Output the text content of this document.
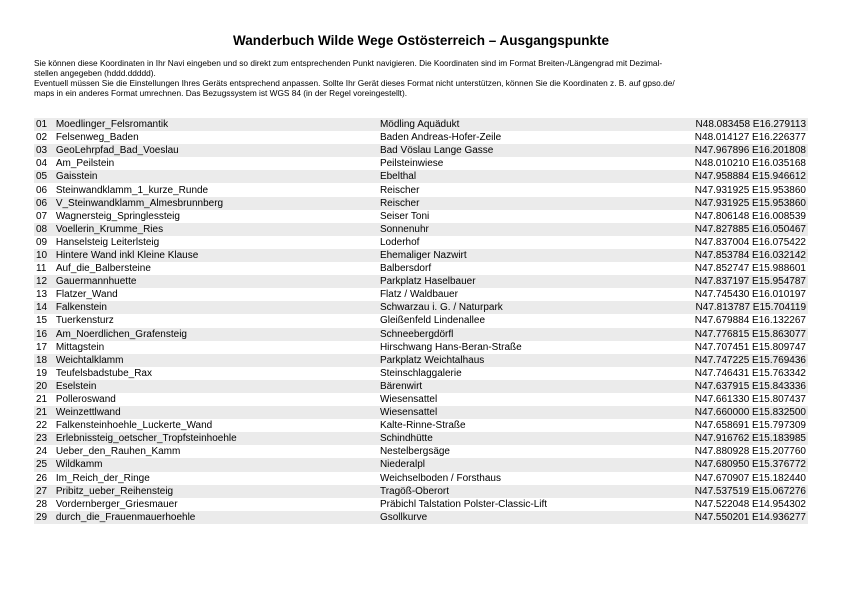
Wanderbuch Wilde Wege Ostösterreich – Ausgangspunkte

Sie können diese Koordinaten in Ihr Navi eingeben und so direkt zum entsprechenden Punkt navigieren. Die Koordinaten sind im Format Breiten-/Längengrad mit Dezimal-

stellen angegeben (hddd.ddddd).

Eventuell müssen Sie die Einstellungen Ihres Geräts entsprechend anpassen. Sollte Ihr Gerät dieses Format nicht unterstützen, können Sie die Koordinaten z. B. auf gpso.de/

maps in ein anderes Format umrechnen. Das Bezugssystem ist WGS 84 (in der Regel voreingestellt).

01	Moedlinger_Felsromantik	Mödling Aquädukt	N48.083458 E16.279113
02	Felsenweg_Baden	Baden Andreas-Hofer-Zeile	N48.014127 E16.226377
03	GeoLehrpfad_Bad_Voeslau	Bad Vöslau Lange Gasse	N47.967896 E16.201808
04	Am_Peilstein	Peilsteinwiese	N48.010210 E16.035168
05	Gaisstein	Ebelthal	N47.958884 E15.946612
06	Steinwandklamm_1_kurze_Runde	Reischer	N47.931925 E15.953860
06	V_Steinwandklamm_Almesbrunnberg	Reischer	N47.931925 E15.953860
07	Wagnersteig_Springlessteig	Seiser Toni	N47.806148 E16.008539
08	Voellerin_Krumme_Ries	Sonnenuhr	N47.827885 E16.050467
09	Hanselsteig Leiterlsteig	Loderhof	N47.837004 E16.075422
10	Hintere Wand inkl Kleine Klause	Ehemaliger Nazwirt	N47.853784 E16.032142
11	Auf_die_Balbersteine	Balbersdorf	N47.852747 E15.988601
12	Gauermannhuette	Parkplatz Haselbauer	N47.837197 E15.954787
13	Flatzer_Wand	Flatz / Waldbauer	N47.745430 E16.010197
14	Falkenstein	Schwarzau i. G. / Naturpark	N47.813787 E15.704119
15	Tuerkensturz	Gleißenfeld Lindenallee	N47.679884 E16.132267
16	Am_Noerdlichen_Grafensteig	Schneebergdörfl	N47.776815 E15.863077
17	Mittagstein	Hirschwang Hans-Beran-Straße	N47.707451 E15.809747
18	Weichtalklamm	Parkplatz Weichtalhaus	N47.747225 E15.769436
19	Teufelsbadstube_Rax	Steinschlaggalerie	N47.746431 E15.763342
20	Eselstein	Bärenwirt	N47.637915 E15.843336
21	Polleroswand	Wiesensattel	N47.661330 E15.807437
21	Weinzettlwand	Wiesensattel	N47.660000 E15.832500
22	Falkensteinhoehle_Luckerte_Wand	Kalte-Rinne-Straße	N47.658691 E15.797309
23	Erlebnissteig_oetscher_Tropfsteinhoehle	Schindhütte	N47.916762 E15.183985
24	Ueber_den_Rauhen_Kamm	Nestelbergsäge	N47.880928 E15.207760
25	Wildkamm	Niederalpl	N47.680950 E15.376772
26	Im_Reich_der_Ringe	Weichselboden / Forsthaus	N47.670907 E15.182440
27	Pribitz_ueber_Reihensteig	Tragöß-Oberort	N47.537519 E15.067276
28	Vordernberger_Griesmauer	Präbichl Talstation Polster-Classic-Lift	N47.522048 E14.954302
29	durch_die_Frauenmauerhoehle	Gsollkurve	N47.550201 E14.936277
